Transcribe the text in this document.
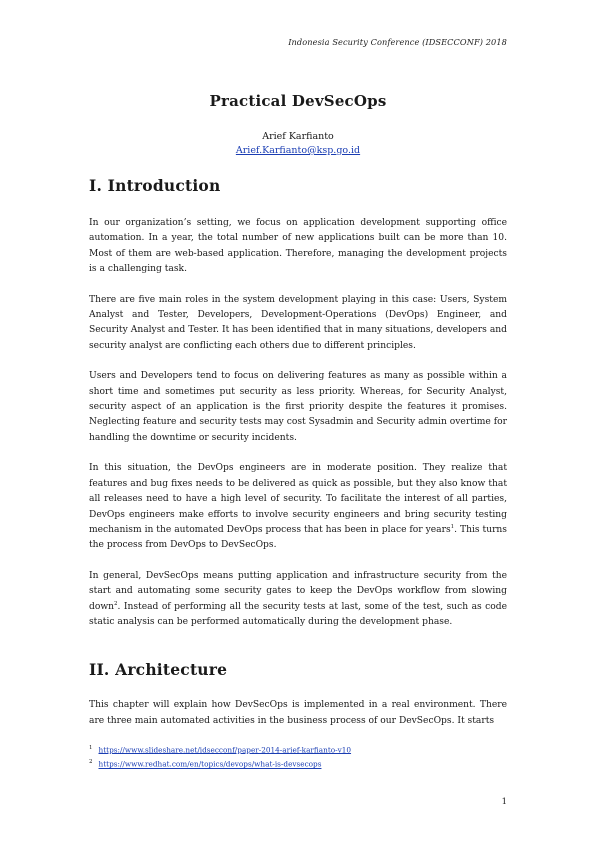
Indonesia Security Conference (IDSECCONF) 2018
Practical DevSecOps
Arief Karfianto
Arief.Karfianto@ksp.go.id
I. Introduction

In our organization’s setting, we focus on application development supporting office automation. In a year, the total number of new applications built can be more than 10. Most of them are web-based application. Therefore, managing the development projects is a challenging task.

There are five main roles in the system development playing in this case: Users, System Analyst and Tester, Developers, Development-Operations (DevOps) Engineer, and Security Analyst and Tester. It has been identified that in many situations, developers and security analyst are conflicting each others due to different principles.

Users and Developers tend to focus on delivering features as many as possible within a short time and sometimes put security as less priority. Whereas, for Security Analyst, security aspect of an application is the first priority despite the features it promises. Neglecting feature and security tests may cost Sysadmin and Security admin overtime for handling the downtime or security incidents.

In this situation, the DevOps engineers are in moderate position. They realize that features and bug fixes needs to be delivered as quick as possible, but they also know that all releases need to have a high level of security. To facilitate the interest of all parties, DevOps engineers make efforts to involve security engineers and bring security testing mechanism in the automated DevOps process that has been in place for years$^1$. This turns the process from DevOps to DevSecOps.

In general, DevSecOps means putting application and infrastructure security from the start and automating some security gates to keep the DevOps workflow from slowing down$^2$. Instead of performing all the security tests at last, some of the test, such as code static analysis can be performed automatically during the development phase.

II. Architecture

This chapter will explain how DevSecOps is implemented in a real environment. There are three main automated activities in the business process of our DevSecOps. It starts

$^1$ https://www.slideshare.net/idsecconf/paper-2014-arief-karfianto-v10
$^2$ https://www.redhat.com/en/topics/devops/what-is-devsecops
1
